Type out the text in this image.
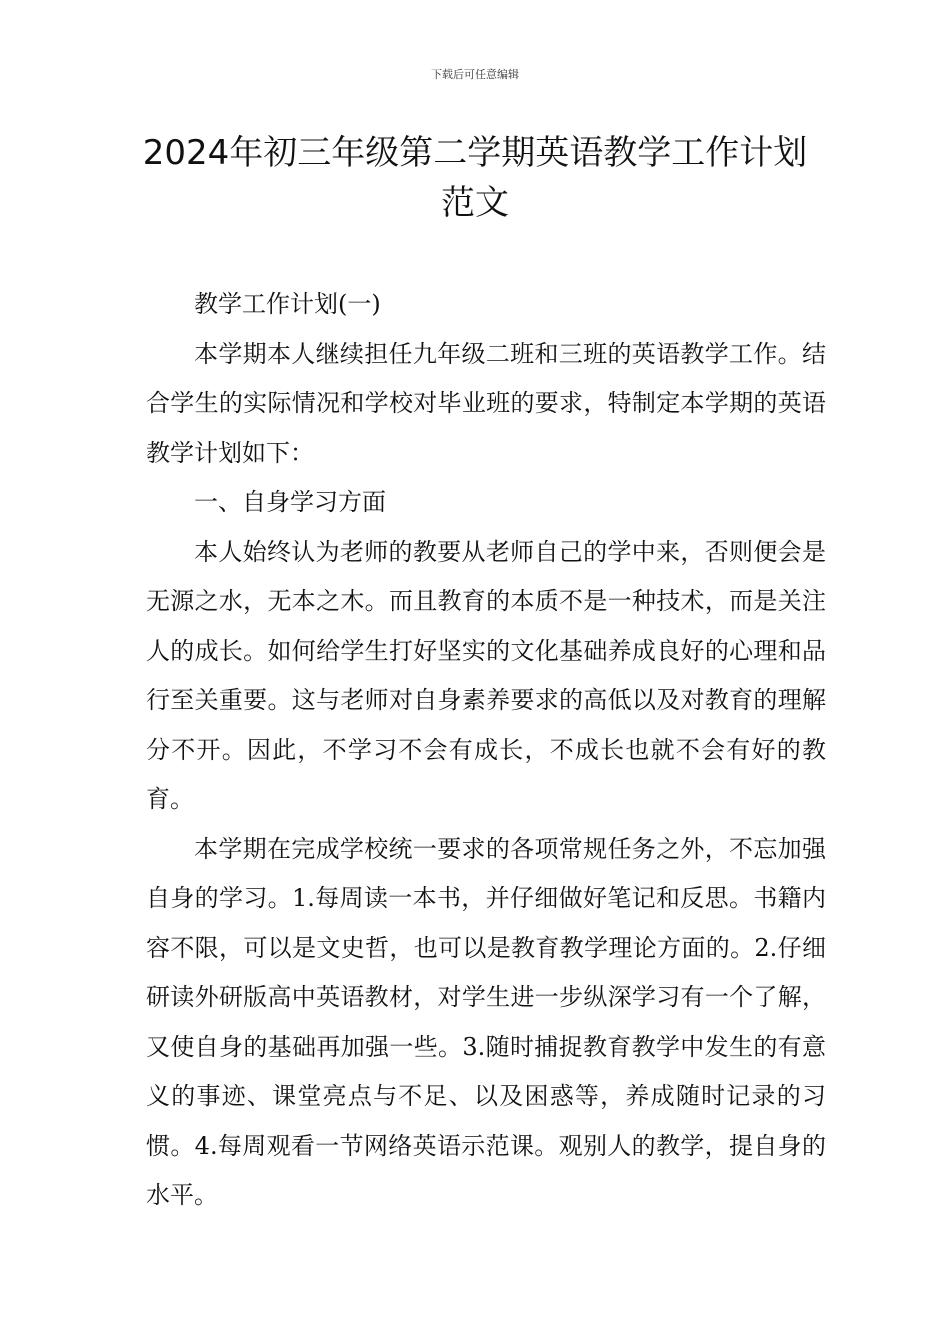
下载后可任意编辑
2024年初三年级第二学期英语教学工作计划范文

教学工作计划(一)

本学期本人继续担任九年级二班和三班的英语教学工作。结合学生的实际情况和学校对毕业班的要求，特制定本学期的英语教学计划如下：

一、自身学习方面

本人始终认为老师的教要从老师自己的学中来，否则便会是无源之水，无本之木。而且教育的本质不是一种技术，而是关注人的成长。如何给学生打好坚实的文化基础养成良好的心理和品行至关重要。这与老师对自身素养要求的高低以及对教育的理解分不开。因此，不学习不会有成长，不成长也就不会有好的教育。

本学期在完成学校统一要求的各项常规任务之外，不忘加强自身的学习。1.每周读一本书，并仔细做好笔记和反思。书籍内容不限，可以是文史哲，也可以是教育教学理论方面的。2.仔细研读外研版高中英语教材，对学生进一步纵深学习有一个了解，又使自身的基础再加强一些。3.随时捕捉教育教学中发生的有意义的事迹、课堂亮点与不足、以及困惑等，养成随时记录的习惯。4.每周观看一节网络英语示范课。观别人的教学，提自身的水平。
